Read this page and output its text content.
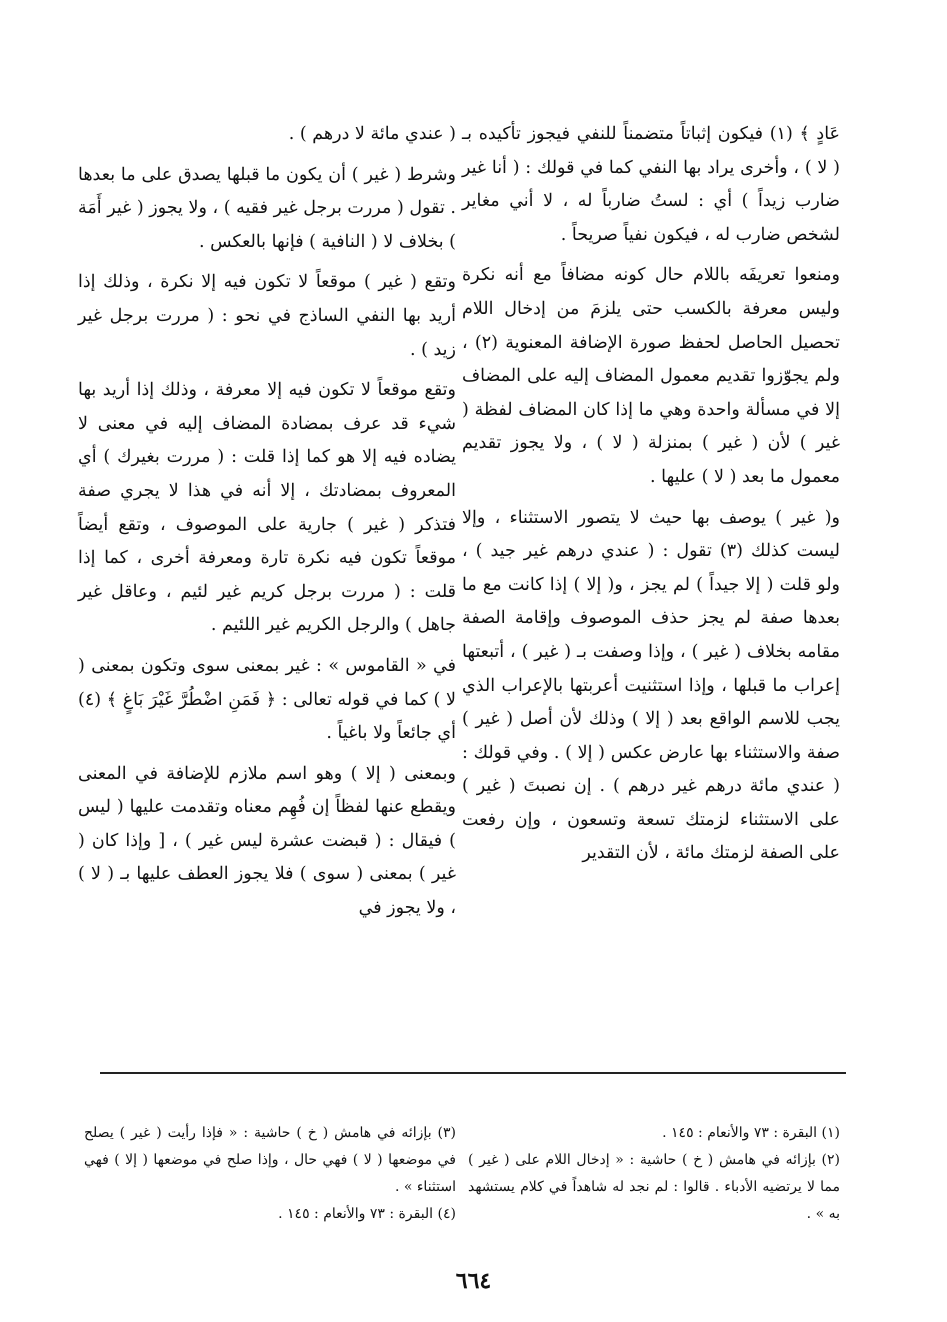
عَادٍ ﴾ (١) فيكون إثباتاً متضمناً للنفي فيجوز تأكيده بـ ( لا ) ، وأخرى يراد بها النفي كما في قولك : ( أنا غير ضارب زيداً ) أي : لستُ ضارباً له ، لا أني مغاير لشخص ضارب له ، فيكون نفياً صريحاً .

ومنعوا تعريفَه باللام حال كونه مضافاً مع أنه نكرة وليس معرفة بالكسب حتى يلزمَ من إدخال اللام تحصيل الحاصل لحفظ صورة الإضافة المعنوية (٢) ، ولم يجوّزوا تقديم معمول المضاف إليه على المضاف إلا في مسألة واحدة وهي ما إذا كان المضاف لفظة ( غير ) لأن ( غير ) بمنزلة ( لا ) ، ولا يجوز تقديم معمول ما بعد ( لا ) عليها .

و( غير ) يوصف بها حيث لا يتصور الاستثناء ، وإلا ليست كذلك (٣) تقول : ( عندي درهم غير جيد ) ، ولو قلت ( إلا جيداً ) لم يجز ، و( إلا ) إذا كانت مع ما بعدها صفة لم يجز حذف الموصوف وإقامة الصفة مقامه بخلاف ( غير ) ، وإذا وصفت بـ ( غير ) ، أتبعتها إعراب ما قبلها ، وإذا استثنيت أعربتها بالإعراب الذي يجب للاسم الواقع بعد ( إلا ) وذلك لأن أصل ( غير ) صفة والاستثناء بها عارض عكس ( إلا ) . وفي قولك : ( عندي مائة درهم غير درهم ) . إن نصبتَ ( غير ) على الاستثناء لزمتك تسعة وتسعون ، وإن رفعت على الصفة لزمتك مائة ، لأن التقدير

( عندي مائة لا درهم ) .

وشرط ( غير ) أن يكون ما قبلها يصدق على ما بعدها . تقول ( مررت برجل غير فقيه ) ، ولا يجوز ( غير أَمَة ) بخلاف لا ( النافية ) فإنها بالعكس .

وتقع ( غير ) موقعاً لا تكون فيه إلا نكرة ، وذلك إذا أريد بها النفي الساذج في نحو : ( مررت برجل غير زيد ) .

وتقع موقعاً لا تكون فيه إلا معرفة ، وذلك إذا أريد بها شيء قد عرف بمضادة المضاف إليه في معنى لا يضاده فيه إلا هو كما إذا قلت : ( مررت بغيرك ) أي المعروف بمضادتك ، إلا أنه في هذا لا يجري صفة فتذكر ( غير ) جارية على الموصوف ، وتقع أيضاً موقعاً تكون فيه نكرة تارة ومعرفة أخرى ، كما إذا قلت : ( مررت برجل كريم غير لئيم ، وعاقل غير جاهل ) والرجل الكريم غير اللئيم .

في « القاموس » : غير بمعنى سوى وتكون بمعنى ( لا ) كما في قوله تعالى : ﴿ فَمَنِ اضْطُرَّ غَيْرَ بَاغٍ ﴾ (٤) أي جائعاً ولا باغياً .

وبمعنى ( إلا ) وهو اسم ملازم للإضافة في المعنى ويقطع عنها لفظاً إن فُهِم معناه وتقدمت عليها ( ليس ) فيقال : ( قبضت عشرة ليس غير ) ، [ وإذا كان ( غير ) بمعنى ( سوى ) فلا يجوز العطف عليها بـ ( لا ) ، ولا يجوز في

(١) البقرة : ٧٣ والأنعام : ١٤٥ .

(٢) بإزائه في هامش ( خ ) حاشية : « إدخال اللام على ( غير ) مما لا يرتضيه الأدباء . قالوا : لم نجد له شاهداً في كلام يستشهد به » .

(٣) بإزائه في هامش ( خ ) حاشية : « فإذا رأيت ( غير ) يصلح في موضعها ( لا ) فهي حال ، وإذا صلح في موضعها ( إلا ) فهي استثناء » .

(٤) البقرة : ٧٣ والأنعام : ١٤٥ .

٦٦٤
